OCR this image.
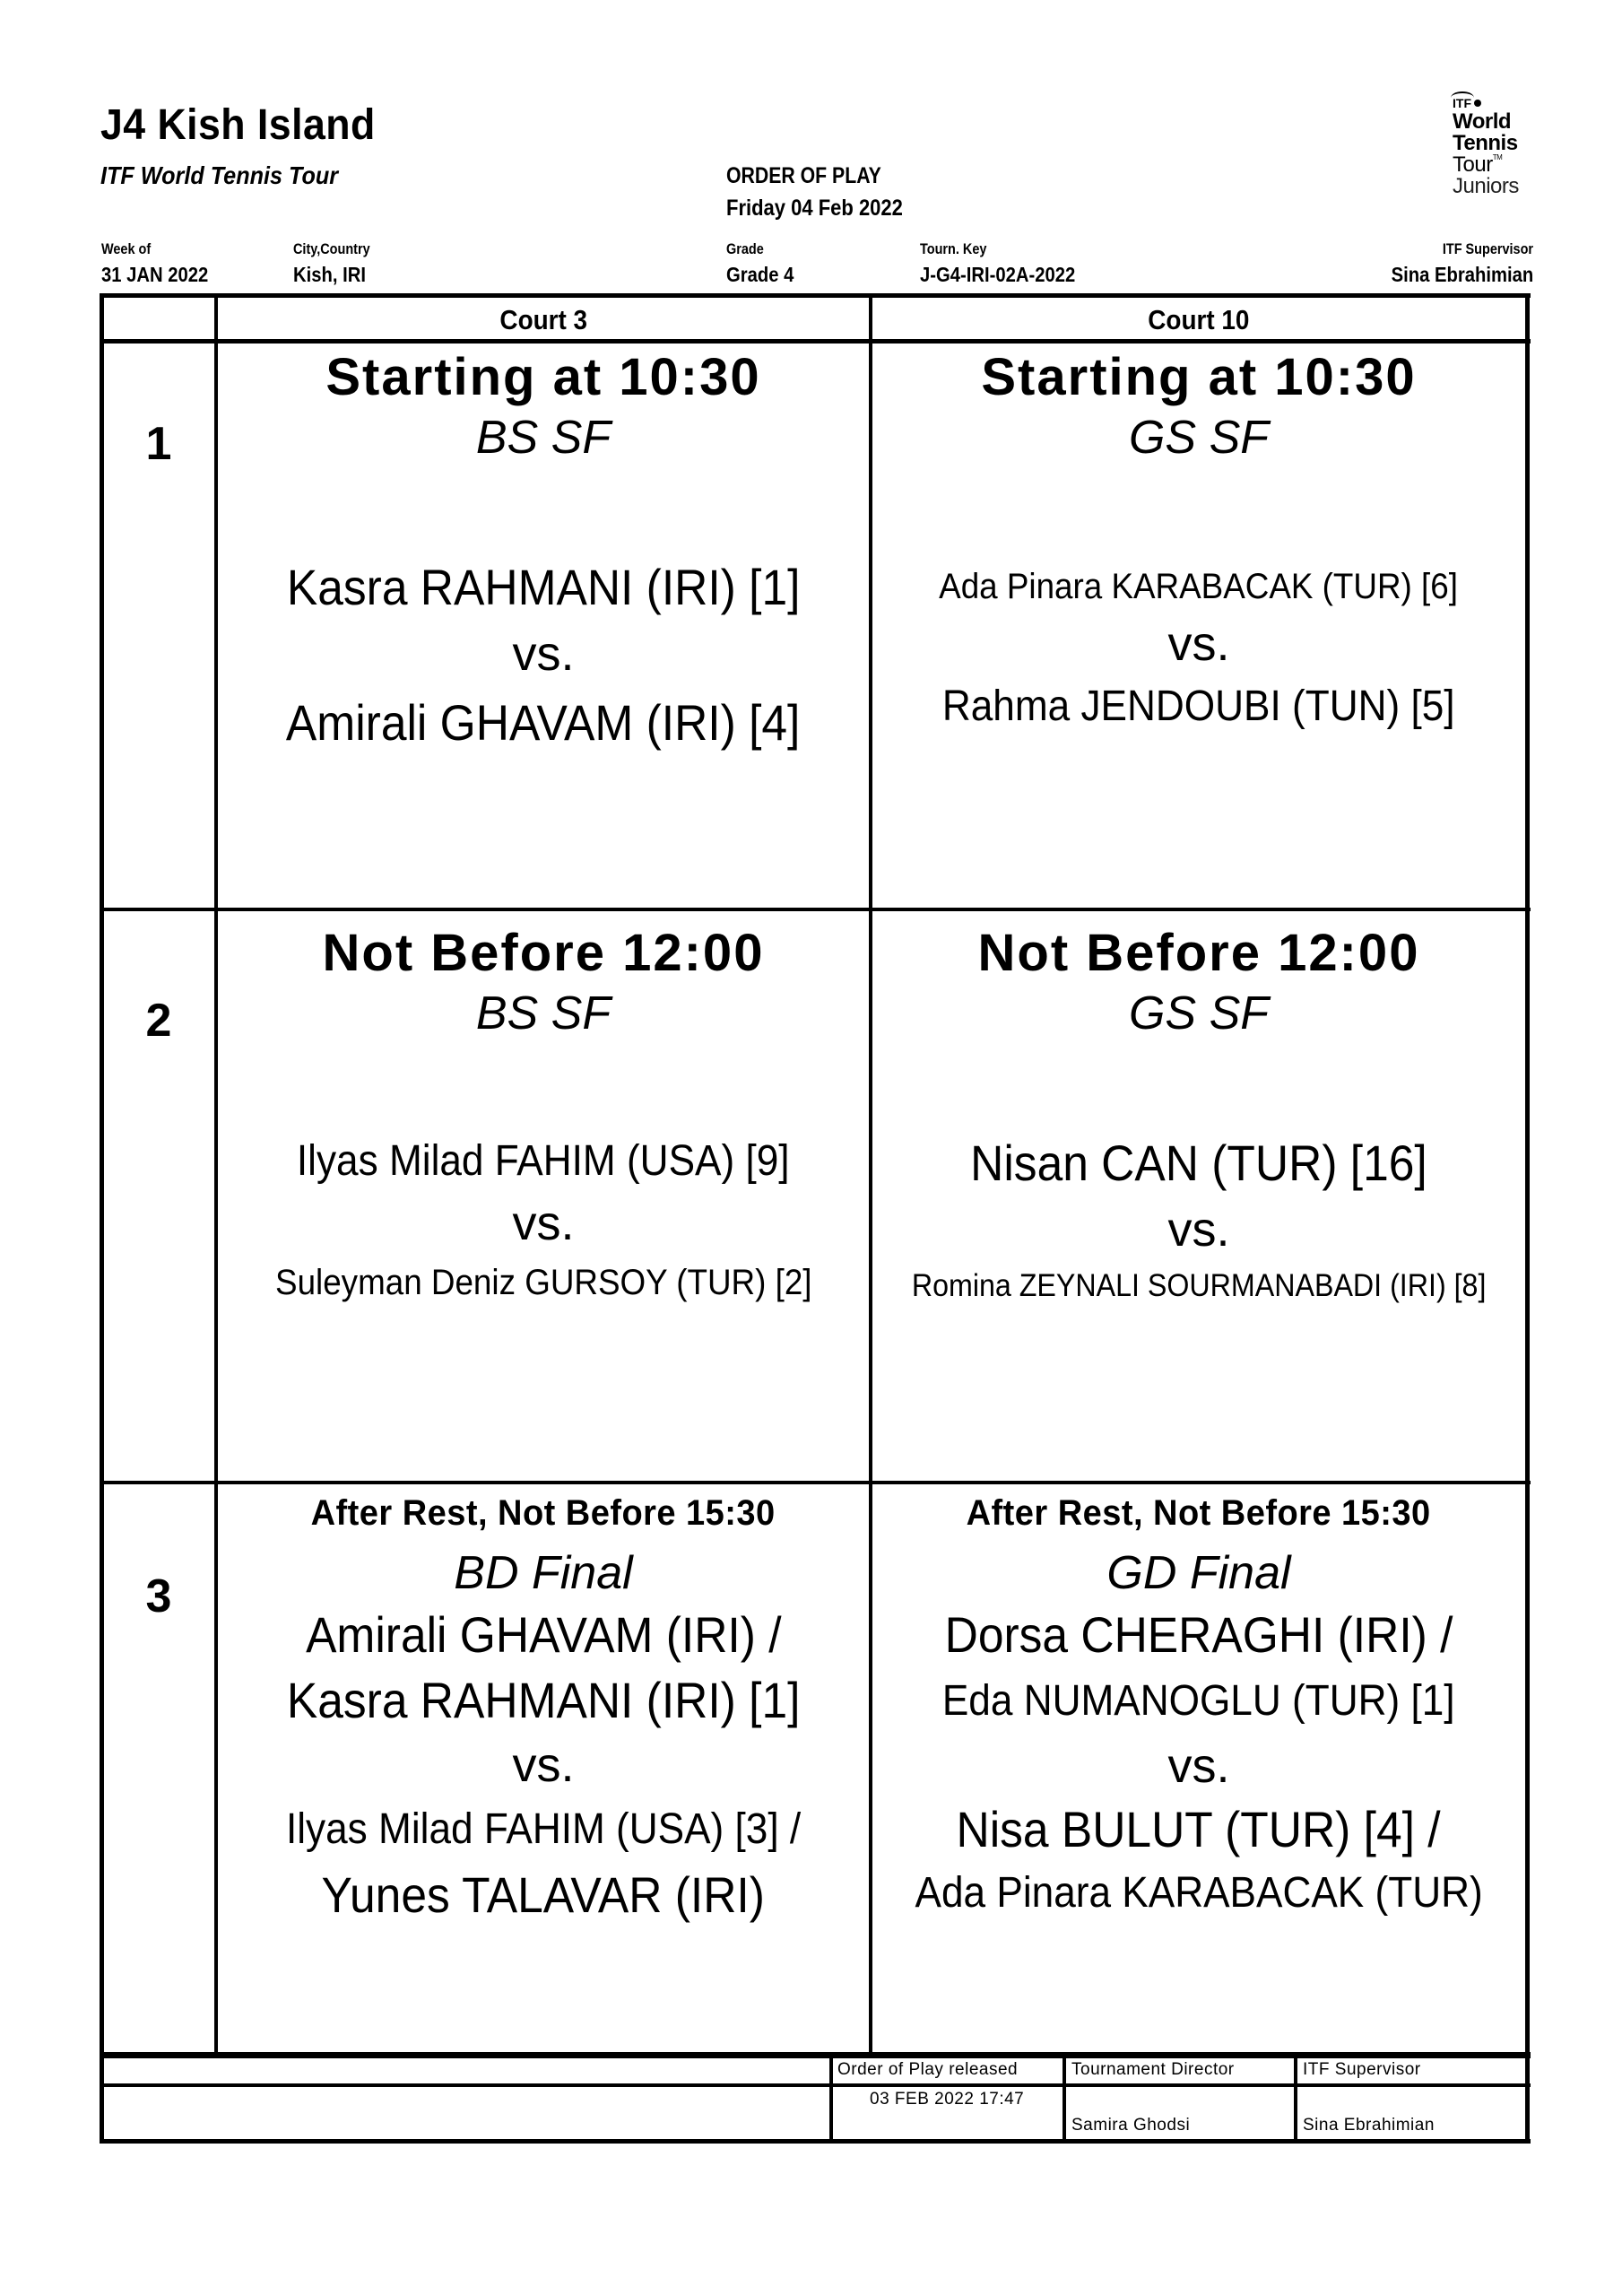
J4 Kish Island
ITF World Tennis Tour	ORDER OF PLAY
Friday 04 Feb 2022
ITF
World
Tennis
Tour™
Juniors
Week of
31 JAN 2022
City,Country
Kish, IRI
Grade
Grade 4
Tourn. Key
J-G4-IRI-02A-2022
ITF Supervisor
Sina Ebrahimian
Court 3	Court 10
1
Starting at 10:30
BS SF
Kasra RAHMANI (IRI) [1]
vs.
Amirali GHAVAM (IRI) [4]
Starting at 10:30
GS SF
Ada Pinara KARABACAK (TUR) [6]
vs.
Rahma JENDOUBI (TUN) [5]
2
Not Before 12:00
BS SF
Ilyas Milad FAHIM (USA) [9]
vs.
Suleyman Deniz GURSOY (TUR) [2]
Not Before 12:00
GS SF
Nisan CAN (TUR) [16]
vs.
Romina ZEYNALI SOURMANABADI (IRI) [8]
3
After Rest, Not Before 15:30
BD Final
Amirali GHAVAM (IRI) /
Kasra RAHMANI (IRI) [1]
vs.
Ilyas Milad FAHIM (USA) [3] /
Yunes TALAVAR (IRI)
After Rest, Not Before 15:30
GD Final
Dorsa CHERAGHI (IRI) /
Eda NUMANOGLU (TUR) [1]
vs.
Nisa BULUT (TUR) [4] /
Ada Pinara KARABACAK (TUR)
Order of Play released
03 FEB 2022 17:47
Tournament Director
Samira Ghodsi
ITF Supervisor
Sina Ebrahimian
